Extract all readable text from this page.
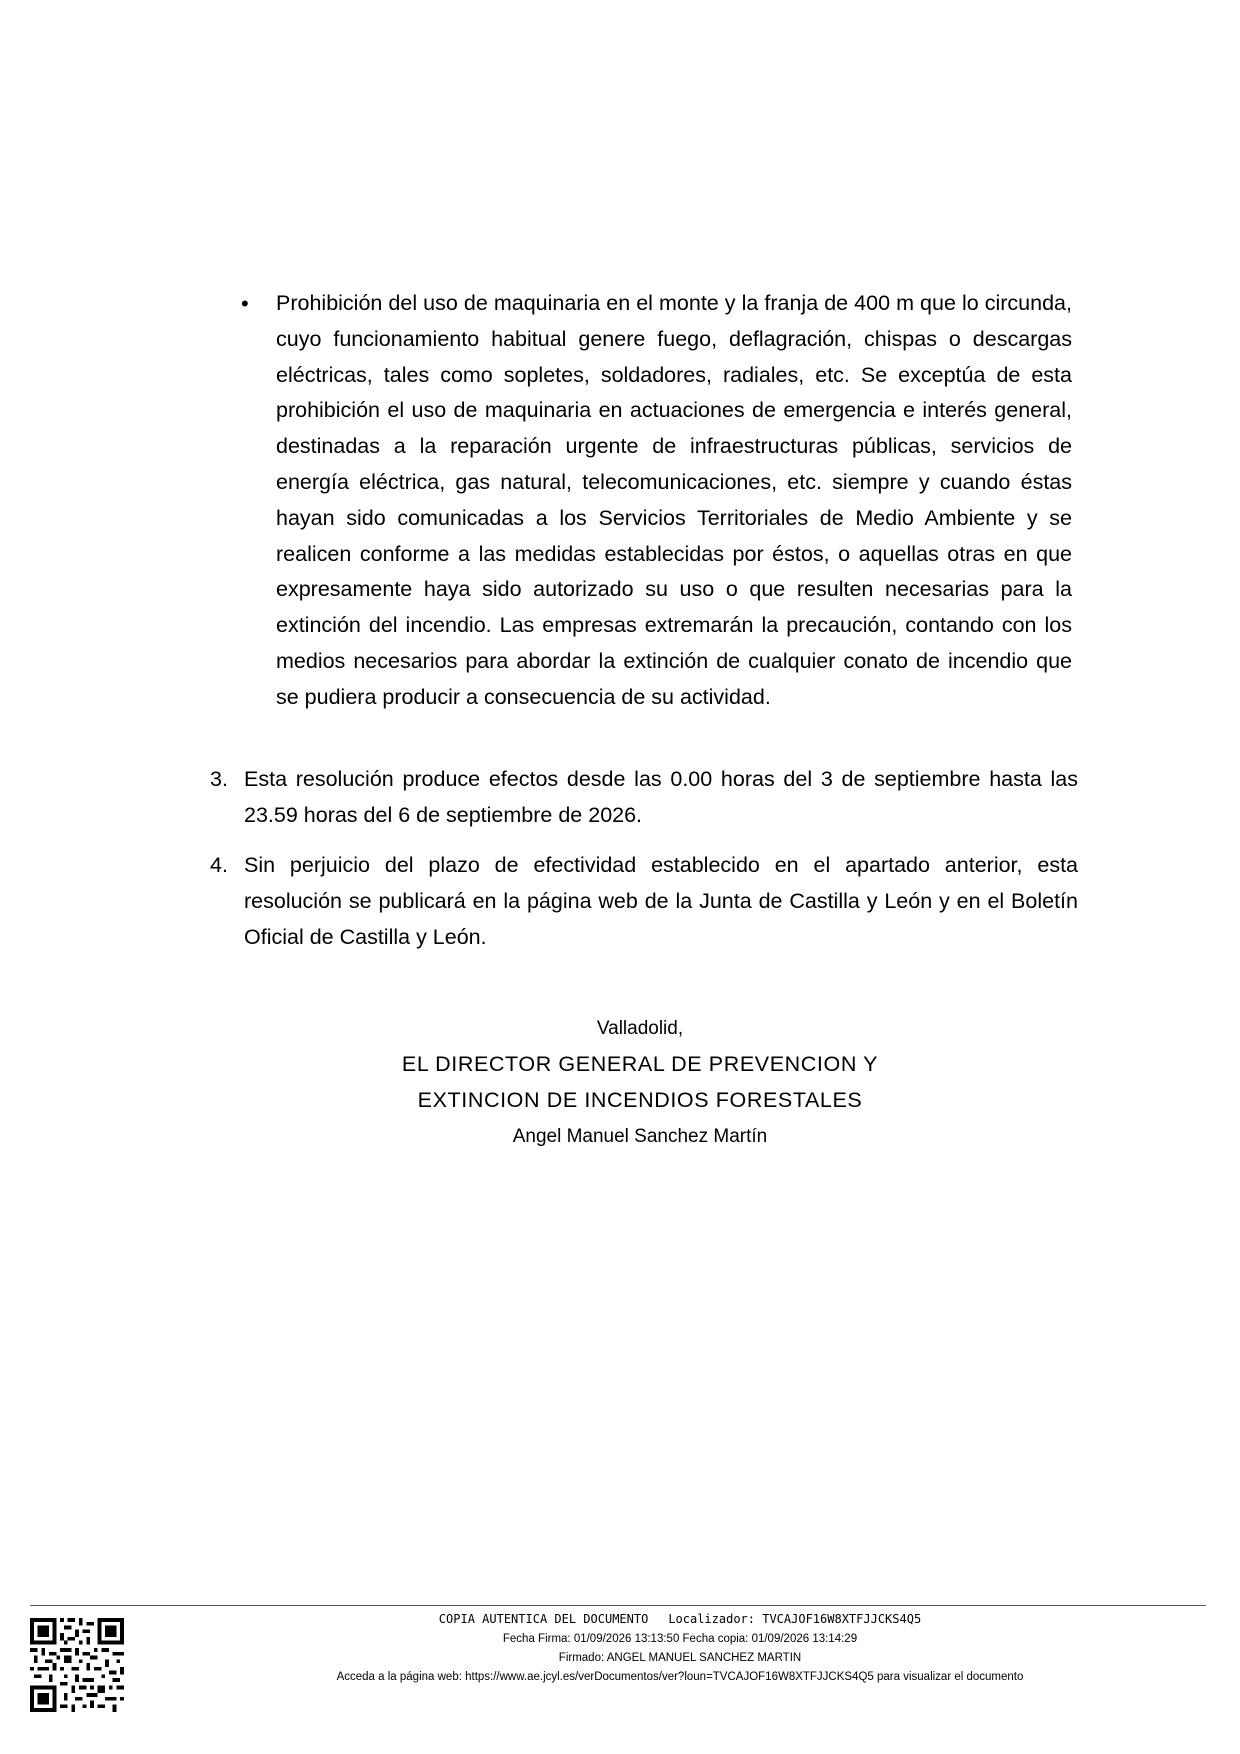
• Prohibición del uso de maquinaria en el monte y la franja de 400 m que lo circunda, cuyo funcionamiento habitual genere fuego, deflagración, chispas o descargas eléctricas, tales como sopletes, soldadores, radiales, etc. Se exceptúa de esta prohibición el uso de maquinaria en actuaciones de emergencia e interés general, destinadas a la reparación urgente de infraestructuras públicas, servicios de energía eléctrica, gas natural, telecomunicaciones, etc. siempre y cuando éstas hayan sido comunicadas a los Servicios Territoriales de Medio Ambiente y se realicen conforme a las medidas establecidas por éstos, o aquellas otras en que expresamente haya sido autorizado su uso o que resulten necesarias para la extinción del incendio. Las empresas extremarán la precaución, contando con los medios necesarios para abordar la extinción de cualquier conato de incendio que se pudiera producir a consecuencia de su actividad.
3. Esta resolución produce efectos desde las 0.00 horas del 3 de septiembre hasta las 23.59 horas del 6 de septiembre de 2026.
4. Sin perjuicio del plazo de efectividad establecido en el apartado anterior, esta resolución se publicará en la página web de la Junta de Castilla y León y en el Boletín Oficial de Castilla y León.
Valladolid,
EL DIRECTOR GENERAL DE PREVENCION Y
EXTINCION DE INCENDIOS FORESTALES
Angel Manuel Sanchez Martín
COPIA AUTENTICA DEL DOCUMENTO Localizador: TVCAJOF16W8XTFJJCKS4Q5
Fecha Firma: 01/09/2026 13:13:50 Fecha copia: 01/09/2026 13:14:29
Firmado: ANGEL MANUEL SANCHEZ MARTIN
Acceda a la página web: https://www.ae.jcyl.es/verDocumentos/ver?loun=TVCAJOF16W8XTFJJCKS4Q5 para visualizar el documento
